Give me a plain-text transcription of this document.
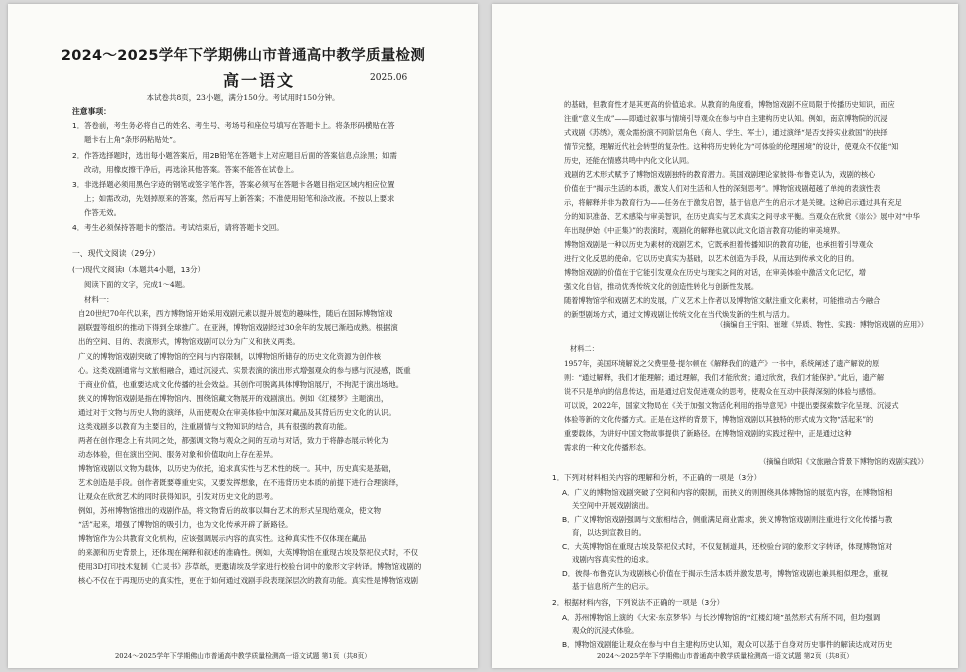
2024～2025学年下学期佛山市普通高中教学质量检测
高一语文	2025.06
本试卷共8页，23小题，满分150分。考试用时150分钟。
注意事项：
1．答卷前，考生务必将自己的姓名、考生号、考场号和座位号填写在答题卡上。将条形码横贴在答
题卡右上角“条形码粘贴处”。
2．作答选择题时，选出每小题答案后，用2B铅笔在答题卡上对应题目后面的答案信息点涂黑；如需
改动，用橡皮擦干净后，再选涂其他答案。答案不能答在试卷上。
3．非选择题必须用黑色字迹的钢笔或签字笔作答，答案必须写在答题卡各题目指定区域内相应位置
上；如需改动，先划掉原来的答案，然后再写上新答案；不准使用铅笔和涂改液。不按以上要求
作答无效。
4．考生必须保持答题卡的整洁。考试结束后，请将答题卡交回。
一、现代文阅读（29分）
(一)现代文阅读Ⅰ（本题共4小题，13分）
阅读下面的文字，完成1～4题。
材料一：
自20世纪70年代以来，西方博物馆开始采用戏剧元素以提升展览的趣味性，随后在国际博物馆戏
剧联盟等组织的推动下得到全球推广。在亚洲，博物馆戏剧经过30余年的发展已渐趋成熟。根据演
出的空间、目的、表演形式，博物馆戏剧可以分为广义和狭义两类。
广义的博物馆戏剧突破了博物馆的空间与内容限制，以博物馆所储存的历史文化资源为创作核
心。这类戏剧通常与文旅相融合，通过沉浸式、实景表演的演出形式增强观众的参与感与沉浸感，既重
于商业价值，也重要达成文化传播的社会效益。其创作可脱离具体博物馆展厅，不拘泥于演出场地。
狭义的博物馆戏剧是指在博物馆内、围绕馆藏文物展开的戏剧演出。例如《红楼梦》主题演出，
通过对于文物与历史人物的演绎，从而使观众在审美体验中加深对藏品及其背后历史文化的认识。
这类戏剧多以教育为主要目的，注重剧情与文物知识的结合，具有很强的教育功能。
两者在创作理念上有共同之处，都强调文物与观众之间的互动与对话，致力于将静态展示转化为
动态体验，但在演出空间、服务对象和价值取向上存在差异。
博物馆戏剧以文物为载体，以历史为依托，追求真实性与艺术性的统一。其中，历史真实是基础，
艺术创造是手段。创作者既要尊重史实，又要发挥想象，在不违背历史本质的前提下进行合理演绎，
让观众在欣赏艺术的同时获得知识，引发对历史文化的思考。
例如，苏州博物馆推出的戏剧作品，将文物背后的故事以舞台艺术的形式呈现给观众，使文物
“活”起来，增强了博物馆的吸引力，也为文化传承开辟了新路径。
博物馆作为公共教育文化机构，应该强调展示内容的真实性。这种真实性不仅体现在藏品
的来源和历史背景上，还体现在阐释和叙述的准确性。例如，大英博物馆在重现古埃及祭祀仪式时，不仅
使用3D打印技术复制《亡灵书》莎草纸，更邀请埃及学家进行校验台词中的象形文字转译。博物馆戏剧的
核心不仅在于再现历史的真实性，更在于如何通过戏剧手段表现深层次的教育功能。真实性是博物馆戏剧
2024～2025学年下学期佛山市普通高中教学质量检测高一语文试题 第1页（共8页）
的基础，但教育性才是其更高的价值追求。从教育的角度看，博物馆戏剧不应局限于传播历史知识，而应
注重“意义生成”——即通过叙事与情境引导观众在参与中自主建构历史认知。例如，南京博物院的沉浸
式戏剧《苏绣》，观众需扮演不同阶层角色（商人、学生、军士），通过演绎“是否支持实业救国”的抉择
情节完整，理解近代社会转型的复杂性。这种将历史转化为“可体验的伦理困境”的设计，使观众不仅能“知
历史，还能在情感共鸣中内化文化认同。
戏剧的艺术形式赋予了博物馆戏剧独特的教育潜力。英国戏剧理论家彼得·布鲁克认为，戏剧的核心
价值在于“揭示生活的本质，激发人们对生活和人性的深刻思考”。博物馆戏剧超越了单纯的表演性表
示，将解释并非为教育行为——任务在于激发启智，基于信息产生的启示才是关键。这种启示通过具有充足
分的知识准备、艺术感染与审美智识，在历史真实与艺术真实之间寻求平衡。当观众在欣赏《崇公》展中对“中华
年出现伊始《中正集》”的表演时，观剧化的解释也就以此文化语言教育功能的审美境界。
博物馆戏剧是一种以历史为素材的戏剧艺术，它既承担着传播知识的教育功能，也承担着引导观众
进行文化反思的使命。它以历史真实为基础，以艺术创造为手段，从而达到传承文化的目的。
博物馆戏剧的价值在于它能引发观众在历史与现实之间的对话，在审美体验中激活文化记忆，增
强文化自信，推动优秀传统文化的创造性转化与创新性发展。
随着博物馆学和戏剧艺术的发展，广义艺术上作者以及博物馆文献注重文化素材，可能推动古今融合
的新型剧场方式，通过文博戏剧让传统文化在当代焕发新的生机与活力。
（摘编自王宇阳、崔璀《异质、物性、实践：博物馆戏剧的应用》）
材料二：
1957年，美国环境解说之父费里曼·提尔顿在《解释我们的遗产》一书中，系统阐述了遗产解说的原
则：“通过解释，我们才能理解；通过理解，我们才能欣赏；通过欣赏，我们才能保护。”此后，遗产解
说不只是单向的信息传达，而是通过启发促进观众的思考，使观众在互动中获得深刻的体验与感悟。
可以说，2022年，国家文物局在《关于加强文物活化利用的指导意见》中提出要探索数字化呈现、沉浸式
体验等新的文化传播方式。正是在这样的背景下，博物馆戏剧以其独特的形式成为文物“活起来”的
重要载体，为讲好中国文物故事提供了新路径。在博物馆戏剧的实践过程中，正是通过这种
需求的一种文化传播形态。
（摘编自欧阳《文旅融合背景下博物馆的戏剧实践》）
1．下列对材料相关内容的理解和分析，不正确的一项是（3分）
A．广义的博物馆戏剧突破了空间和内容的限制，而狭义的则围绕具体博物馆的展览内容，在博物馆相
关空间中开展戏剧演出。
B．广义博物馆戏剧强调与文旅相结合，侧重满足商业需求，狭义博物馆戏剧则注重进行文化传播与教
育，以达到宣教目的。
C．大英博物馆在重现古埃及祭祀仪式时，不仅复制道具，还校验台词的象形文字转译，体现博物馆对
戏剧内容真实性的追求。
D．彼得·布鲁克认为戏剧核心价值在于揭示生活本质并激发思考，博物馆戏剧也兼具相似理念，重视
基于信息所产生的启示。
2．根据材料内容，下列说法不正确的一项是（3分）
A．苏州博物馆上演的《大宋·东京梦华》与长沙博物馆的“红楼幻境”虽然形式有所不同，但均强调
观众的沉浸式体验。
B．博物馆戏剧能让观众在参与中自主建构历史认知，观众可以基于自身对历史事件的解读达成对历史
2024～2025学年下学期佛山市普通高中教学质量检测高一语文试题 第2页（共8页）
